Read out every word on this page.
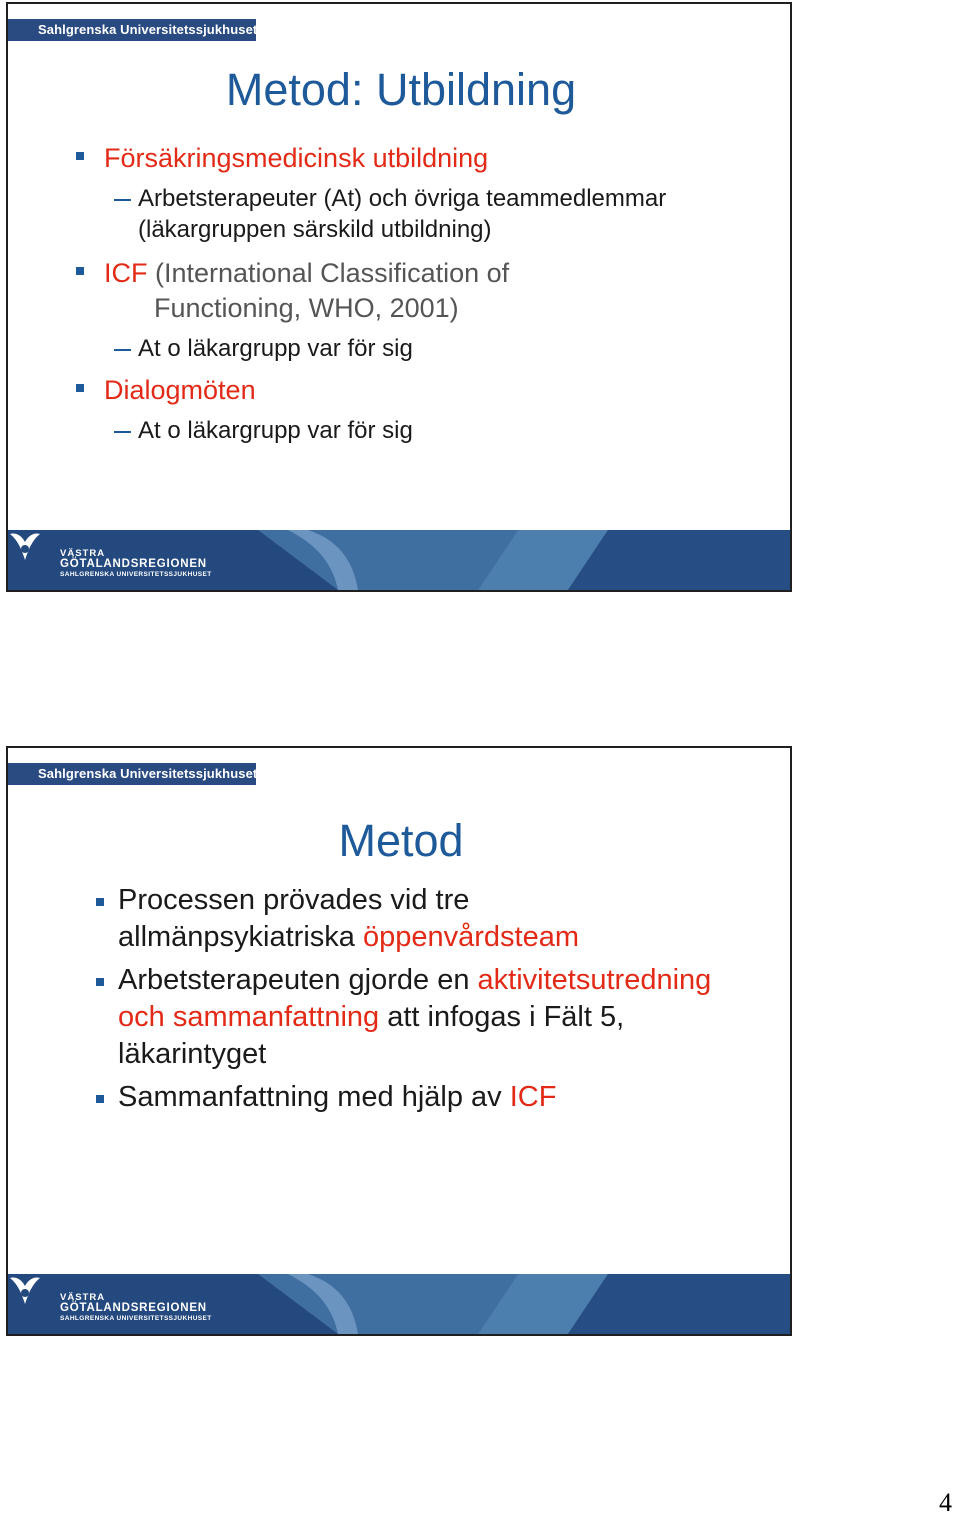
Sahlgrenska Universitetssjukhuset
Metod: Utbildning
Försäkringsmedicinsk utbildning
Arbetsterapeuter (At) och övriga teammedlemmar
(läkargruppen särskild utbildning)
ICF (International Classification of
Functioning, WHO, 2001)
At o läkargrupp var för sig
Dialogmöten
At o läkargrupp var för sig
VÄSTRA
GÖTALANDSREGIONEN
SAHLGRENSKA UNIVERSITETSSJUKHUSET
Sahlgrenska Universitetssjukhuset
Metod
Processen prövades vid tre
allmänpsykiatriska öppenvårdsteam
Arbetsterapeuten gjorde en aktivitetsutredning
och sammanfattning att infogas i Fält 5,
läkarintyget
Sammanfattning med hjälp av ICF
VÄSTRA
GÖTALANDSREGIONEN
SAHLGRENSKA UNIVERSITETSSJUKHUSET
4
